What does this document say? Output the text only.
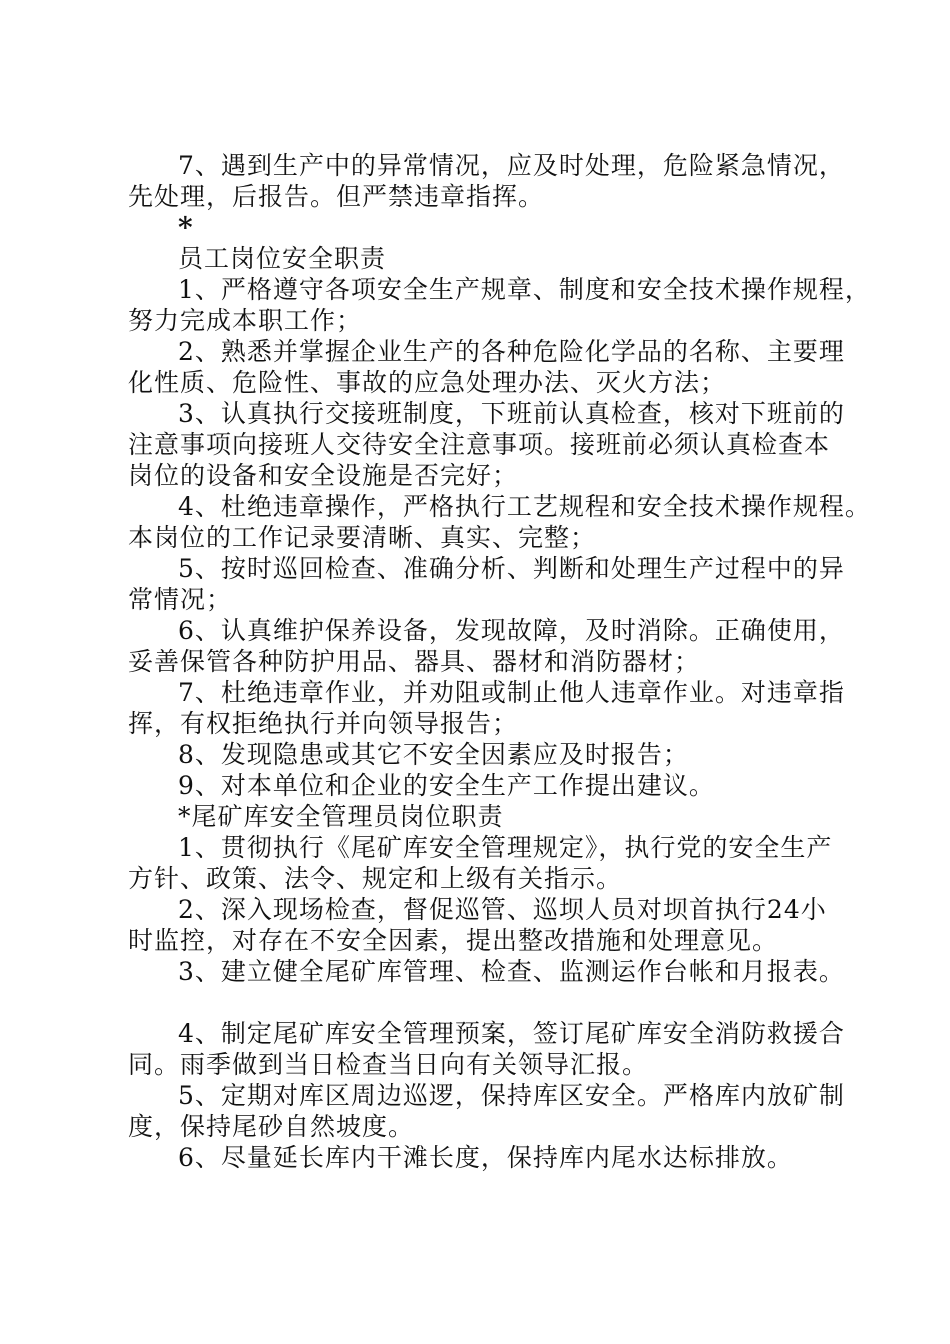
7、遇到生产中的异常情况，应及时处理，危险紧急情况，

先处理，后报告。但严禁违章指挥。

*

员工岗位安全职责

1、严格遵守各项安全生产规章、制度和安全技术操作规程，

努力完成本职工作；

2、熟悉并掌握企业生产的各种危险化学品的名称、主要理

化性质、危险性、事故的应急处理办法、灭火方法；

3、认真执行交接班制度，下班前认真检查，核对下班前的

注意事项向接班人交待安全注意事项。接班前必须认真检查本

岗位的设备和安全设施是否完好；

4、杜绝违章操作，严格执行工艺规程和安全技术操作规程。

本岗位的工作记录要清晰、真实、完整；

5、按时巡回检查、准确分析、判断和处理生产过程中的异

常情况；

6、认真维护保养设备，发现故障，及时消除。正确使用，

妥善保管各种防护用品、器具、器材和消防器材；

7、杜绝违章作业，并劝阻或制止他人违章作业。对违章指

挥，有权拒绝执行并向领导报告；

8、发现隐患或其它不安全因素应及时报告；

9、对本单位和企业的安全生产工作提出建议。

*尾矿库安全管理员岗位职责

1、贯彻执行《尾矿库安全管理规定》，执行党的安全生产

方针、政策、法令、规定和上级有关指示。

2、深入现场检查，督促巡管、巡坝人员对坝首执行24小

时监控，对存在不安全因素，提出整改措施和处理意见。

3、建立健全尾矿库管理、检查、监测运作台帐和月报表。

4、制定尾矿库安全管理预案，签订尾矿库安全消防救援合

同。雨季做到当日检查当日向有关领导汇报。

5、定期对库区周边巡逻，保持库区安全。严格库内放矿制

度，保持尾砂自然坡度。

6、尽量延长库内干滩长度，保持库内尾水达标排放。
